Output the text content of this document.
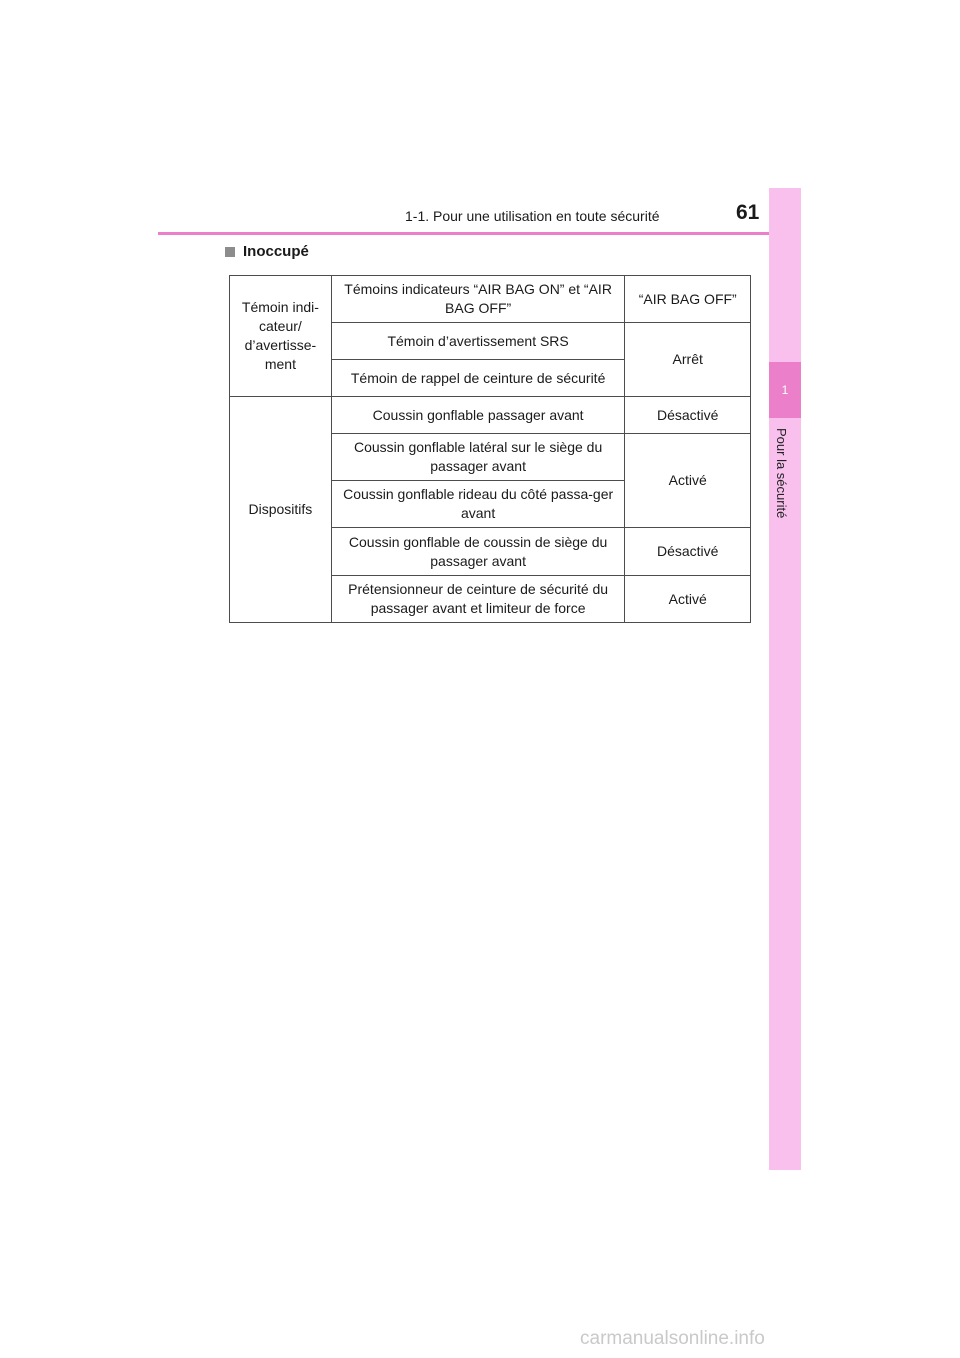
1-1. Pour une utilisation en toute sécurité	61
1
Pour la sécurité
Inoccupé
Témoin indi-cateur/ d’avertisse-ment	Témoins indicateurs “AIR BAG ON” et “AIR BAG OFF”	“AIR BAG OFF”
	Témoin d’avertissement SRS	Arrêt
	Témoin de rappel de ceinture de sécurité	
Dispositifs	Coussin gonflable passager avant	Désactivé
	Coussin gonflable latéral sur le siège du passager avant	Activé
	Coussin gonflable rideau du côté passa-ger avant	
	Coussin gonflable de coussin de siège du passager avant	Désactivé
	Prétensionneur de ceinture de sécurité du passager avant et limiteur de force	Activé
carmanualsonline.info
